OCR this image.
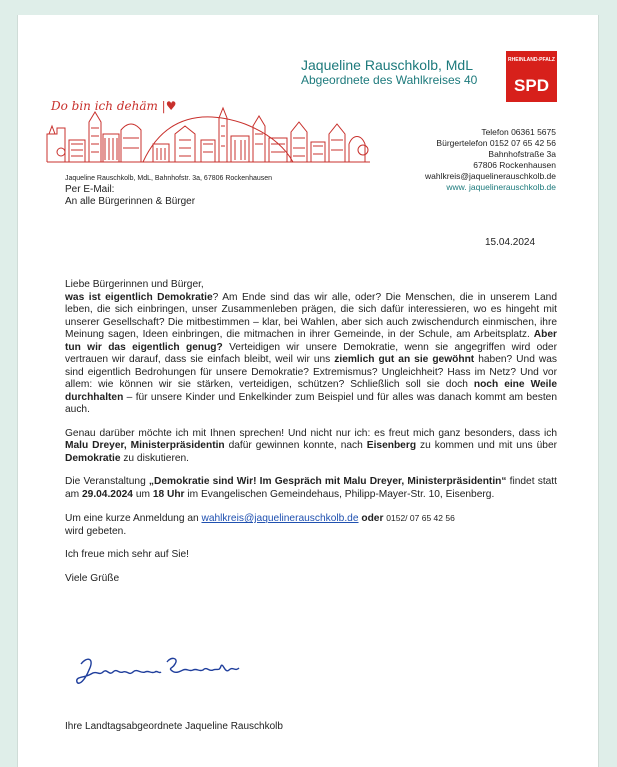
Jaqueline Rauschkolb, MdL
Abgeordnete des Wahlkreises 40
RHEINLAND-PFALZ
SPD
Do bin ich dehäm |♥
Telefon 06361 5675
Bürgertelefon 0152 07 65 42 56
Bahnhofstraße 3a
67806 Rockenhausen
wahlkreis@jaquelinerauschkolb.de
www. jaquelinerauschkolb.de
Jaqueline Rauschkolb, MdL, Bahnhofstr. 3a, 67806 Rockenhausen
Per E-Mail:
An alle Bürgerinnen & Bürger
15.04.2024

Liebe Bürgerinnen und Bürger,

was ist eigentlich Demokratie? Am Ende sind das wir alle, oder? Die Menschen, die in unserem Land leben, die sich einbringen, unser Zusammenleben prägen, die sich dafür interessieren, wo es hingeht mit unserer Gesellschaft? Die mitbestimmen – klar, bei Wahlen, aber sich auch zwischendurch einmischen, ihre Meinung sagen, Ideen einbringen, die mitmachen in ihrer Gemeinde, in der Schule, am Arbeitsplatz. Aber tun wir das eigentlich genug? Verteidigen wir unsere Demokratie, wenn sie angegriffen wird oder vertrauen wir darauf, dass sie einfach bleibt, weil wir uns ziemlich gut an sie gewöhnt haben? Und was sind eigentlich Bedrohungen für unsere Demokratie? Extremismus? Ungleichheit? Hass im Netz? Und vor allem: wie können wir sie stärken, verteidigen, schützen? Schließlich soll sie doch noch eine Weile durchhalten – für unsere Kinder und Enkelkinder zum Beispiel und für alles was danach kommt am besten auch.

Genau darüber möchte ich mit Ihnen sprechen! Und nicht nur ich: es freut mich ganz besonders, dass ich Malu Dreyer, Ministerpräsidentin dafür gewinnen konnte, nach Eisenberg zu kommen und mit uns über Demokratie zu diskutieren.

Die Veranstaltung „Demokratie sind Wir! Im Gespräch mit Malu Dreyer, Ministerpräsidentin“ findet statt am 29.04.2024 um 18 Uhr im Evangelischen Gemeindehaus, Philipp-Mayer-Str. 10, Eisenberg.

Um eine kurze Anmeldung an wahlkreis@jaquelinerauschkolb.de oder 0152/ 07 65 42 56
wird gebeten.

Ich freue mich sehr auf Sie!

Viele Grüße

Ihre Landtagsabgeordnete Jaqueline Rauschkolb
